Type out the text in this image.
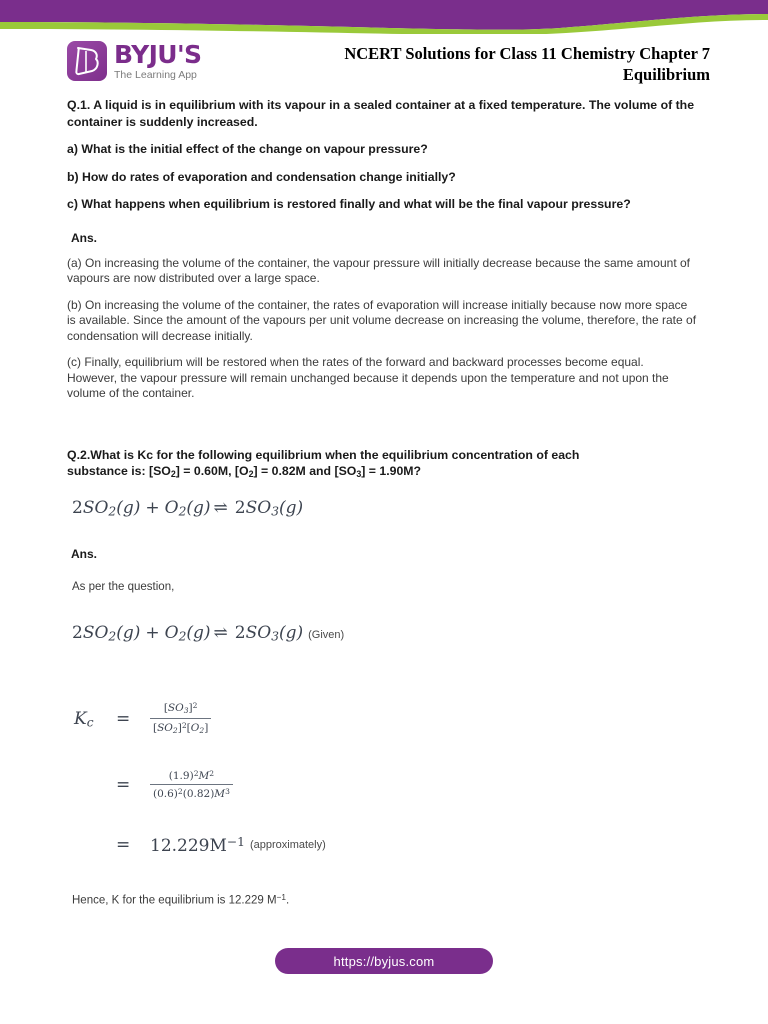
BYJU'S
The Learning App
NCERT Solutions for Class 11 Chemistry Chapter 7
Equilibrium

Q.1. A liquid is in equilibrium with its vapour in a sealed container at a fixed temperature. The volume of the container is suddenly increased.

a) What is the initial effect of the change on vapour pressure?

b) How do rates of evaporation and condensation change initially?

c) What happens when equilibrium is restored finally and what will be the final vapour pressure?

Ans.

(a) On increasing the volume of the container, the vapour pressure will initially decrease because the same amount of vapours are now distributed over a large space.

(b) On increasing the volume of the container, the rates of evaporation will increase initially because now more space is available. Since the amount of the vapours per unit volume decrease on increasing the volume, therefore, the rate of condensation will decrease initially.

(c) Finally, equilibrium will be restored when the rates of the forward and backward processes become equal. However, the vapour pressure will remain unchanged because it depends upon the temperature and not upon the volume of the container.

Q.2.What is Kc for the following equilibrium when the equilibrium concentration of each
substance is: $[SO_2] = 0.60M$, $[O_2] = 0.82M$ and $[SO_3] = 1.90M$?

$2SO_2(g) + O_2(g)$ ⇌ $2SO_3(g)$

Ans.

As per the question,

$2SO_2(g) + O_2(g)$ ⇌ $2SO_3(g)$ (Given)

$K_c$	=	$\frac{[SO_3]^2}{[SO_2]^2[O_2]}$
=	$\frac{(1.9)^2M^2}{(0.6)^2(0.82)M^3}$
=	$12.229M^{-1}$ (approximately)

Hence, K for the equilibrium is 12.229 $M^{-1}$.

https://byjus.com
